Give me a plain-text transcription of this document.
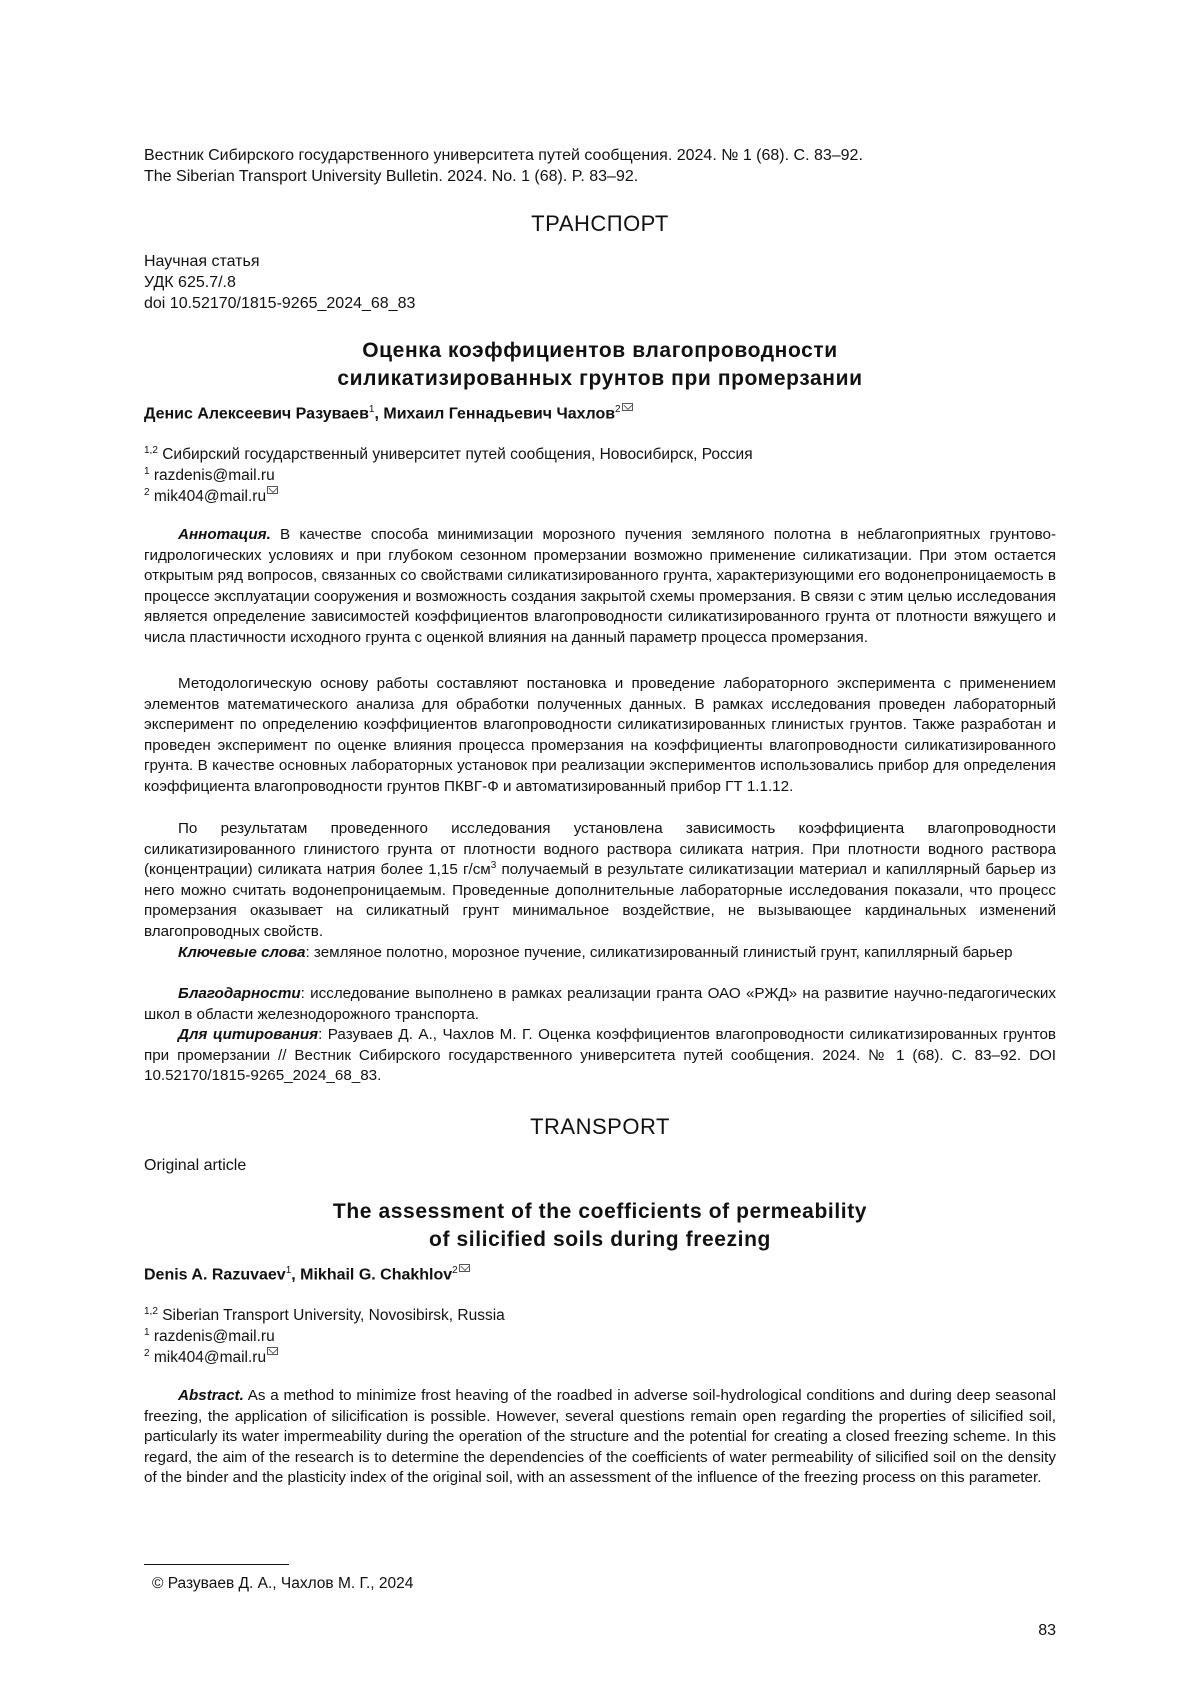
Вестник Сибирского государственного университета путей сообщения. 2024. № 1 (68). С. 83–92.
The Siberian Transport University Bulletin. 2024. No. 1 (68). P. 83–92.
ТРАНСПОРТ
Научная статья
УДК 625.7/.8
doi 10.52170/1815-9265_2024_68_83
Оценка коэффициентов влагопроводности
силикатизированных грунтов при промерзании
Денис Алексеевич Разуваев$^1$, Михаил Геннадьевич Чахлов$^2$
$^{1,2}$ Сибирский государственный университет путей сообщения, Новосибирск, Россия
$^1$ razdenis@mail.ru
$^2$ mik404@mail.ru

Аннотация. В качестве способа минимизации морозного пучения земляного полотна в неблагоприятных грунтово-гидрологических условиях и при глубоком сезонном промерзании возможно применение силикатизации. При этом остается открытым ряд вопросов, связанных со свойствами силикатизированного грунта, характеризующими его водонепроницаемость в процессе эксплуатации сооружения и возможность создания закрытой схемы промерзания. В связи с этим целью исследования является определение зависимостей коэффициентов влагопроводности силикатизированного грунта от плотности вяжущего и числа пластичности исходного грунта с оценкой влияния на данный параметр процесса промерзания.

Методологическую основу работы составляют постановка и проведение лабораторного эксперимента с применением элементов математического анализа для обработки полученных данных. В рамках исследования проведен лабораторный эксперимент по определению коэффициентов влагопроводности силикатизированных глинистых грунтов. Также разработан и проведен эксперимент по оценке влияния процесса промерзания на коэффициенты влагопроводности силикатизированного грунта. В качестве основных лабораторных установок при реализации экспериментов использовались прибор для определения коэффициента влагопроводности грунтов ПКВГ-Ф и автоматизированный прибор ГТ 1.1.12.

По результатам проведенного исследования установлена зависимость коэффициента влагопроводности силикатизированного глинистого грунта от плотности водного раствора силиката натрия. При плотности водного раствора (концентрации) силиката натрия более 1,15 $г/см^3$ получаемый в результате силикатизации материал и капиллярный барьер из него можно считать водонепроницаемым. Проведенные дополнительные лабораторные исследования показали, что процесс промерзания оказывает на силикатный грунт минимальное воздействие, не вызывающее кардинальных изменений влагопроводных свойств.

Ключевые слова: земляное полотно, морозное пучение, силикатизированный глинистый грунт, капиллярный барьер

Благодарности: исследование выполнено в рамках реализации гранта ОАО «РЖД» на развитие научно-педагогических школ в области железнодорожного транспорта.

Для цитирования: Разуваев Д. А., Чахлов М. Г. Оценка коэффициентов влагопроводности силикатизированных грунтов при промерзании // Вестник Сибирского государственного университета путей сообщения. 2024. № 1 (68). С. 83–92. DOI 10.52170/1815-9265_2024_68_83.

TRANSPORT
Original article
The assessment of the coefficients of permeability
of silicified soils during freezing
Denis A. Razuvaev$^1$, Mikhail G. Chakhlov$^2$
$^{1,2}$ Siberian Transport University, Novosibirsk, Russia
$^1$ razdenis@mail.ru
$^2$ mik404@mail.ru

Abstract. As a method to minimize frost heaving of the roadbed in adverse soil-hydrological conditions and during deep seasonal freezing, the application of silicification is possible. However, several questions remain open regarding the properties of silicified soil, particularly its water impermeability during the operation of the structure and the potential for creating a closed freezing scheme. In this regard, the aim of the research is to determine the dependencies of the coefficients of water permeability of silicified soil on the density of the binder and the plasticity index of the original soil, with an assessment of the influence of the freezing process on this parameter.

© Разуваев Д. А., Чахлов М. Г., 2024
83
